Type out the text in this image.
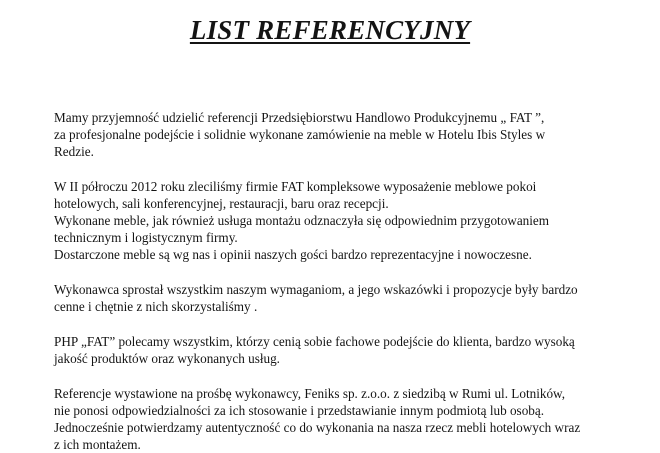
LIST REFERENCYJNY

Mamy przyjemność udzielić referencji Przedsiębiorstwu Handlowo Produkcyjnemu „ FAT ”,

za profesjonalne podejście i solidnie wykonane zamówienie na meble w Hotelu Ibis Styles w

Redzie.

W II półroczu 2012 roku zleciliśmy firmie FAT kompleksowe wyposażenie meblowe pokoi

hotelowych, sali konferencyjnej, restauracji, baru oraz recepcji.

Wykonane meble, jak również usługa montażu odznaczyła się odpowiednim przygotowaniem

technicznym i logistycznym firmy.

Dostarczone meble są wg nas i opinii naszych gości bardzo reprezentacyjne i nowoczesne.

Wykonawca sprostał wszystkim naszym wymaganiom, a jego wskazówki i propozycje były bardzo

cenne i chętnie z nich skorzystaliśmy .

PHP „FAT” polecamy wszystkim, którzy cenią sobie fachowe podejście do klienta, bardzo wysoką

jakość produktów oraz wykonanych usług.

Referencje wystawione na prośbę wykonawcy, Feniks sp. z.o.o. z siedzibą w Rumi ul. Lotników,

nie ponosi odpowiedzialności za ich stosowanie i przedstawianie innym podmiotą lub osobą.

Jednocześnie potwierdzamy autentyczność co do wykonania na nasza rzecz mebli hotelowych wraz

z ich montażem.
